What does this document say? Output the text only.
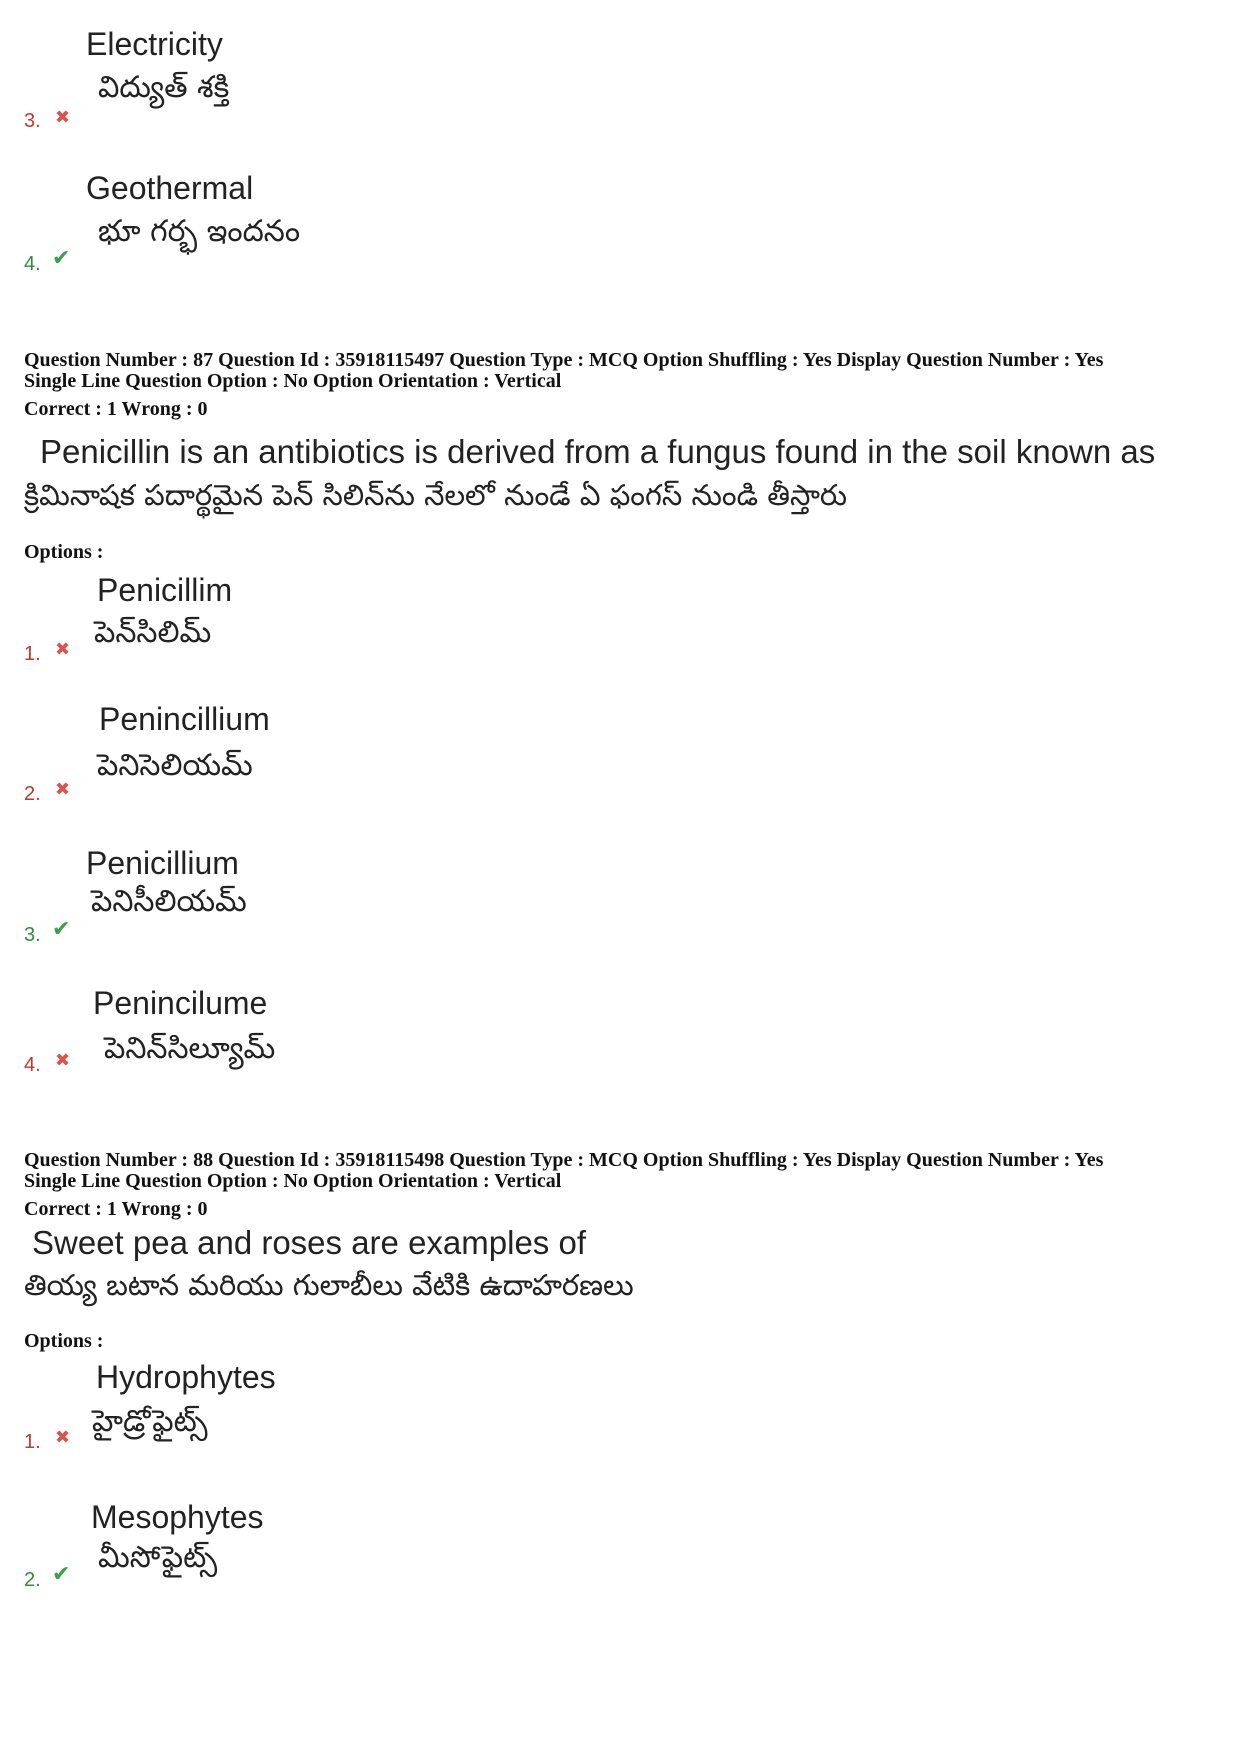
Electricity
విద్యుత్ శక్తి
3. ✖
Geothermal
భూ గర్భ ఇందనం
4. ✔
Question Number : 87 Question Id : 35918115497 Question Type : MCQ Option Shuffling : Yes Display Question Number : Yes
Single Line Question Option : No Option Orientation : Vertical
Correct : 1 Wrong : 0
Penicillin is an antibiotics is derived from a fungus found in the soil known as
క్రిమినాషక పదార్థమైన పెన్ సిలిన్‌ను నేలలో నుండే ఏ ఫంగస్ నుండి తీస్తారు
Options :
Penicillim
పెన్‌సిలిమ్
1. ✖
Penincillium
పెనిసెలియమ్
2. ✖
Penicillium
పెనిసీలియమ్
3. ✔
Penincilume
పెనిన్‌సిల్యూమ్
4. ✖
Question Number : 88 Question Id : 35918115498 Question Type : MCQ Option Shuffling : Yes Display Question Number : Yes
Single Line Question Option : No Option Orientation : Vertical
Correct : 1 Wrong : 0
Sweet pea and roses are examples of
తియ్య బటాన మరియు గులాబీలు వేటికి ఉదాహరణలు
Options :
Hydrophytes
హైడ్రోఫైట్స్
1. ✖
Mesophytes
మీసోఫైట్స్
2. ✔
